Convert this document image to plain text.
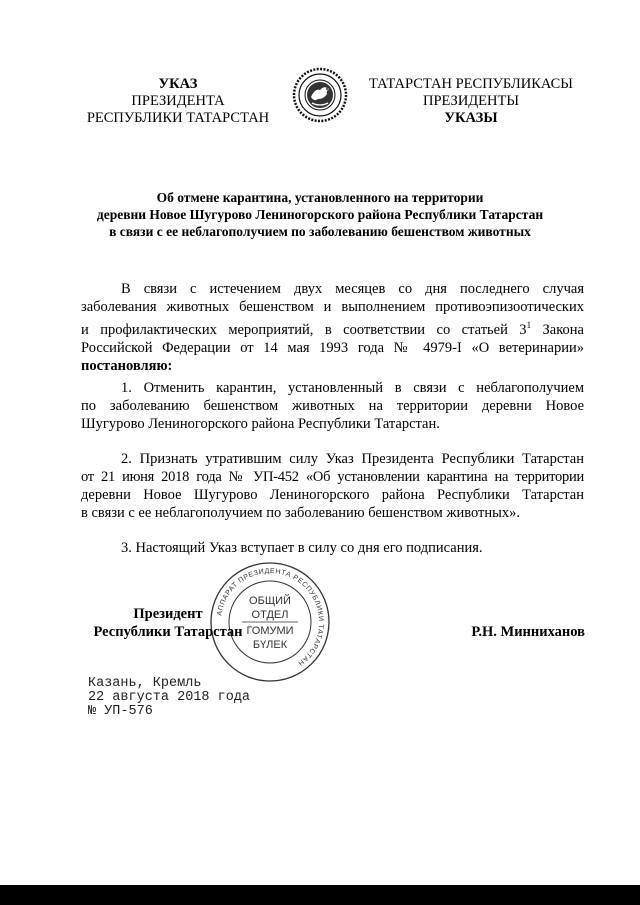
УКАЗ
ПРЕЗИДЕНТА
РЕСПУБЛИКИ ТАТАРСТАН
ТАТАРСТАН РЕСПУБЛИКАСЫ
ПРЕЗИДЕНТЫ
УКАЗЫ
Об отмене карантина, установленного на территории
деревни Новое Шугурово Лениногорского района Республики Татарстан
в связи с ее неблагополучием по заболеванию бешенством животных
В связи с истечением двух месяцев со дня последнего случая
заболевания животных бешенством и выполнением противоэпизоотических
и профилактических мероприятий, в соответствии со статьей $3^1$ Закона
Российской Федерации от 14 мая 1993 года № 4979-I «О ветеринарии»
постановляю:
1. Отменить карантин, установленный в связи с неблагополучием
по заболеванию бешенством животных на территории деревни Новое
Шугурово Лениногорского района Республики Татарстан.
2. Признать утратившим силу Указ Президента Республики Татарстан
от 21 июня 2018 года № УП-452 «Об установлении карантина на территории
деревни Новое Шугурово Лениногорского района Республики Татарстан
в связи с ее неблагополучием по заболеванию бешенством животных».
3. Настоящий Указ вступает в силу со дня его подписания.
АППАРАТ ПРЕЗИДЕНТА РЕСПУБЛИКИ ТАТАРСТАН
ОБЩИЙ
ОТДЕЛ
ГОМУМИ
БҮЛЕК
Президент
Республики Татарстан	Р.Н. Минниханов
Казань, Кремль
22 августа 2018 года
№ УП-576
